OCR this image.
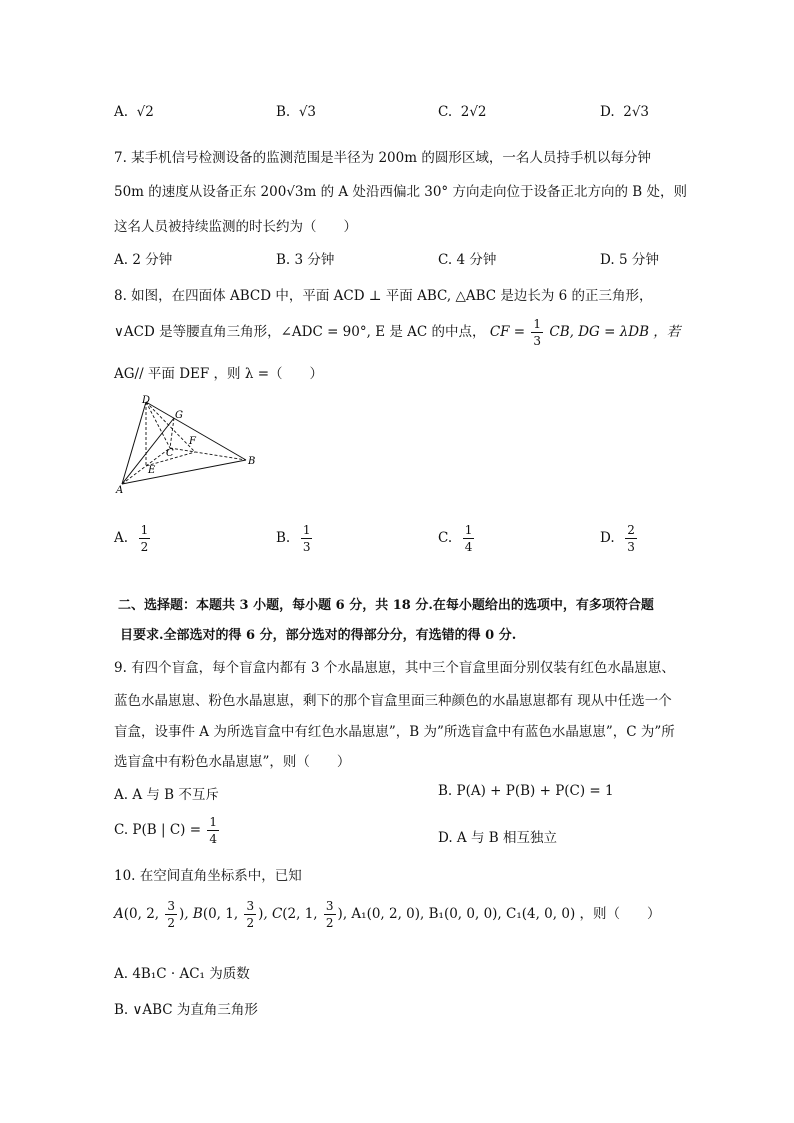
A. √2	B. √3	C. 2√2	D. 2√3
7. 某手机信号检测设备的监测范围是半径为 200m 的圆形区域，一名人员持手机以每分钟
50m 的速度从设备正东 200√3m 的 A 处沿西偏北 30° 方向走向位于设备正北方向的 B 处，则
这名人员被持续监测的时长约为（　　）
A. 2 分钟	B. 3 分钟	C. 4 分钟	D. 5 分钟
8. 如图，在四面体 ABCD 中，平面 ACD ⊥ 平面 ABC, △ABC 是边长为 6 的正三角形，
∨ACD 是等腰直角三角形，∠ADC = 90°, E 是 AC 的中点， CF = $\frac{1}{3}$ CB, DG = λDB ，若
AG// 平面 DEF ，则 λ =（　　）
D
G
F
C
E
B
A
A. $\frac{1}{2}$	B. $\frac{1}{3}$	C. $\frac{1}{4}$	D. $\frac{2}{3}$
二、选择题：本题共 3 小题，每小题 6 分，共 18 分.在每小题给出的选项中，有多项符合题
目要求.全部选对的得 6 分，部分选对的得部分分，有选错的得 0 分.
9. 有四个盲盒，每个盲盒内都有 3 个水晶崽崽，其中三个盲盒里面分别仅装有红色水晶崽崽、
蓝色水晶崽崽、粉色水晶崽崽，剩下的那个盲盒里面三种颜色的水晶崽崽都有 现从中任选一个
盲盒，设事件 A 为所选盲盒中有红色水晶崽崽”，B 为”所选盲盒中有蓝色水晶崽崽”，C 为”所
选盲盒中有粉色水晶崽崽”，则（　　）
A. A 与 B 不互斥	B. P(A) + P(B) + P(C) = 1
C. P(B | $C) = \frac{1}{4}$	D. A 与 B 相互独立
10. 在空间直角坐标系中，已知
A(0, 2, $\frac{3}{2}$ ), B(0, 1, $\frac{3}{2}$ ), C(2, 1, $\frac{3}{2}$ ), A₁(0, 2, 0), B₁(0, 0, 0), C₁(4, 0, 0) ，则（　　）
A. 4B₁C · AC₁ 为质数
B. ∨ABC 为直角三角形
